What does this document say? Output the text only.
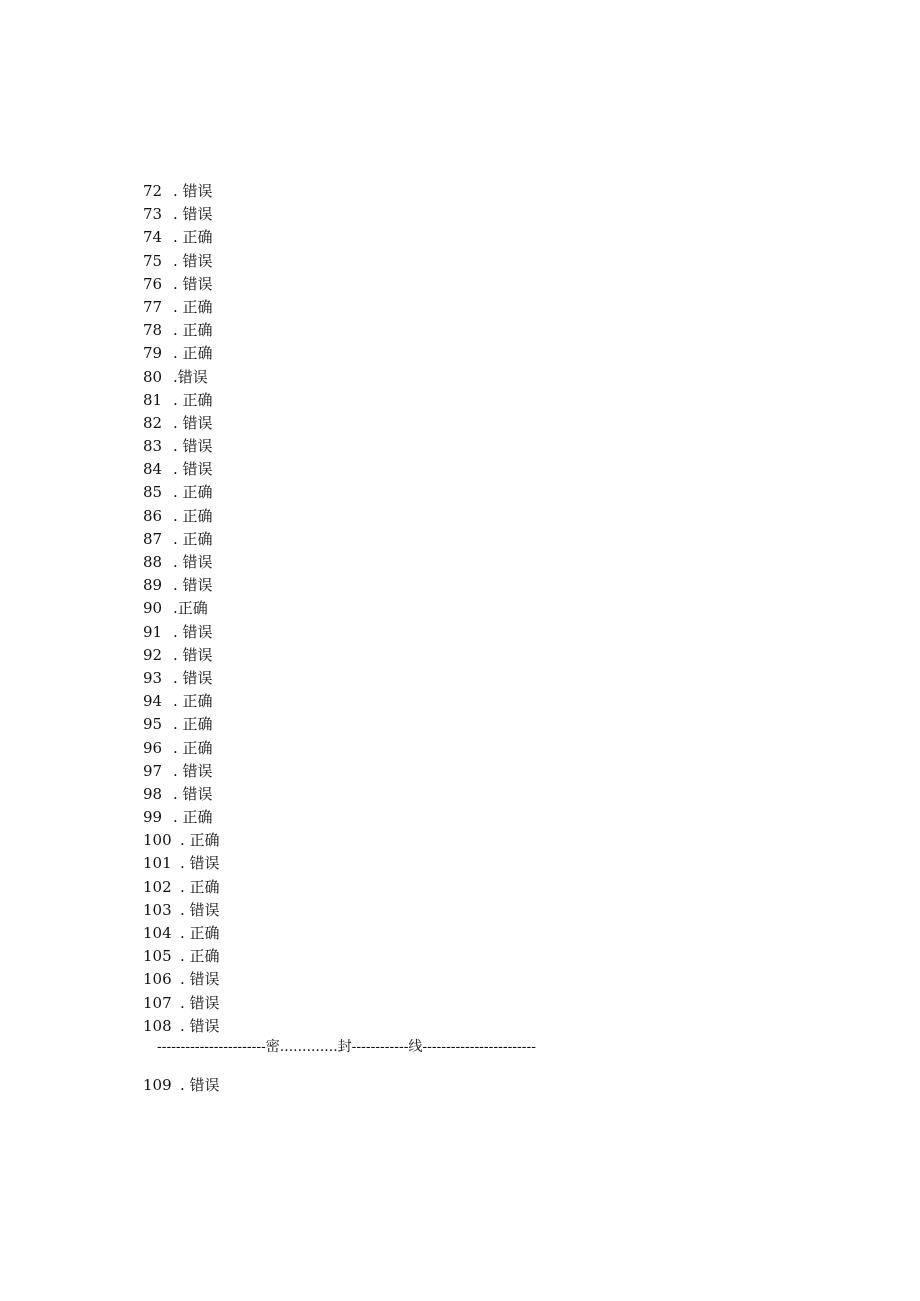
72 . 错误
73 . 错误
74 . 正确
75 . 错误
76 . 错误
77 . 正确
78 . 正确
79 . 正确
80 .错误
81 . 正确
82 . 错误
83 . 错误
84 . 错误
85 . 正确
86 . 正确
87 . 正确
88 . 错误
89 . 错误
90 .正确
91 . 错误
92 . 错误
93 . 错误
94 . 正确
95 . 正确
96 . 正确
97 . 错误
98 . 错误
99 . 正确
100 . 正确
101 . 错误
102 . 正确
103 . 错误
104 . 正确
105 . 正确
106 . 错误
107 . 错误
108 . 错误
-----------------------密.............封------------线------------------------
109 . 错误
